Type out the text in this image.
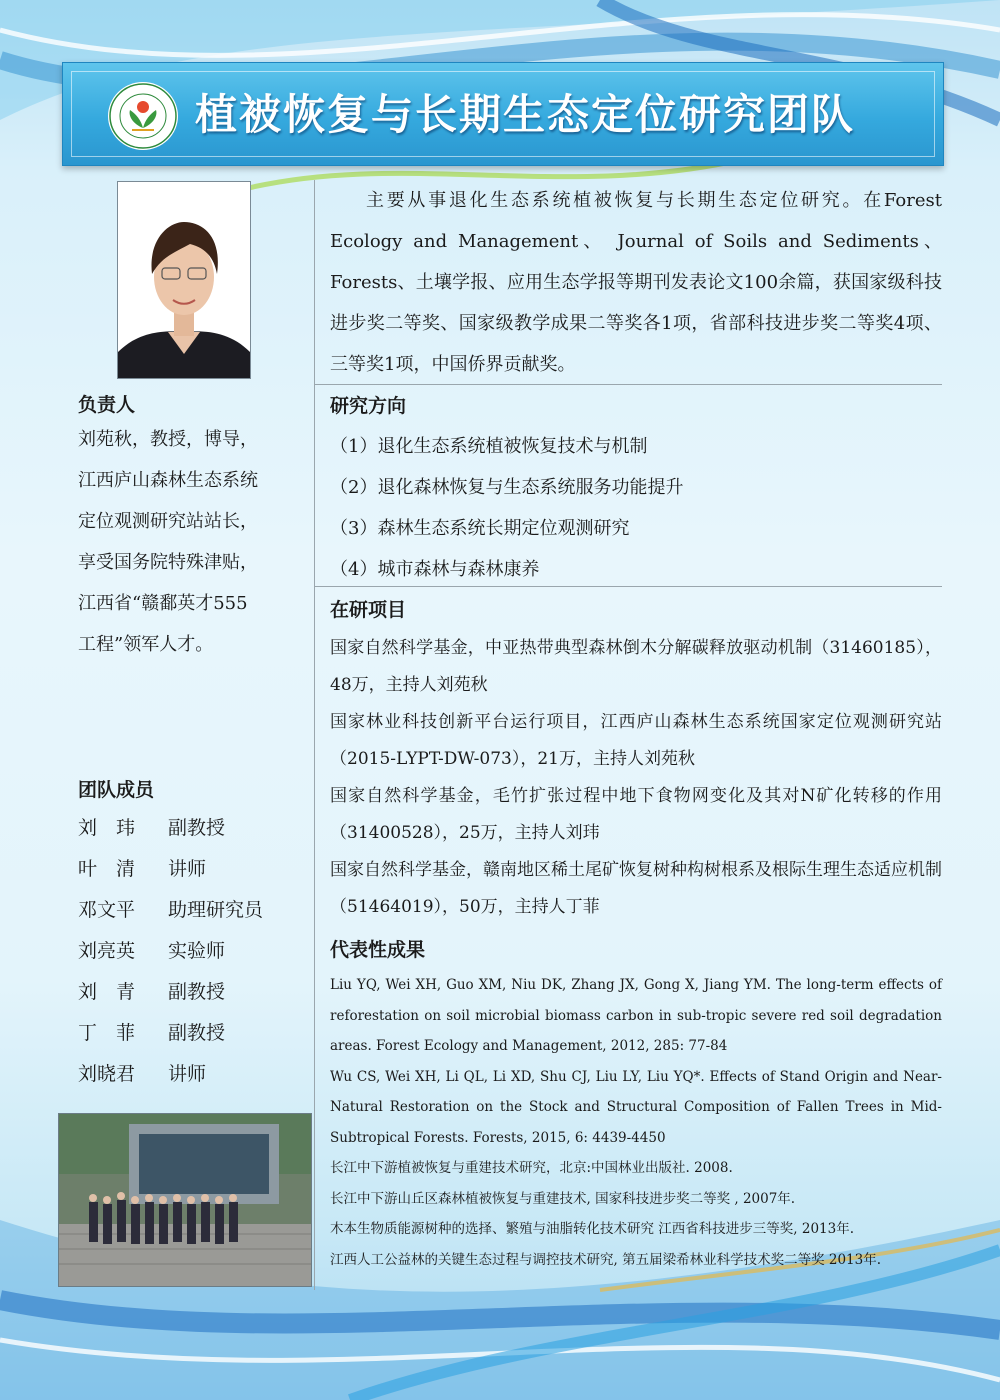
植被恢复与长期生态定位研究团队
负责人
刘苑秋，教授，博导，
江西庐山森林生态系统
定位观测研究站站长，
享受国务院特殊津贴，
江西省“赣鄱英才555
工程”领军人才。
团队成员
刘　玮 副教授
叶　清 讲师
邓文平 助理研究员
刘亮英 实验师
刘　青 副教授
丁　菲 副教授
刘晓君 讲师

主要从事退化生态系统植被恢复与长期生态定位研究。在Forest Ecology and Management、 Journal of Soils and Sediments、Forests、土壤学报、应用生态学报等期刊发表论文100余篇，获国家级科技进步奖二等奖、国家级教学成果二等奖各1项，省部科技进步奖二等奖4项、三等奖1项，中国侨界贡献奖。

研究方向
（1）退化生态系统植被恢复技术与机制
（2）退化森林恢复与生态系统服务功能提升
（3）森林生态系统长期定位观测研究
（4）城市森林与森林康养
在研项目
国家自然科学基金，中亚热带典型森林倒木分解碳释放驱动机制（31460185），48万，主持人刘苑秋
国家林业科技创新平台运行项目，江西庐山森林生态系统国家定位观测研究站（2015-LYPT-DW-073），21万，主持人刘苑秋
国家自然科学基金，毛竹扩张过程中地下食物网变化及其对N矿化转移的作用（31400528），25万，主持人刘玮
国家自然科学基金，赣南地区稀土尾矿恢复树种构树根系及根际生理生态适应机制（51464019），50万，主持人丁菲
代表性成果
Liu YQ, Wei XH, Guo XM, Niu DK, Zhang JX, Gong X, Jiang YM. The long-term effects of reforestation on soil microbial biomass carbon in sub-tropic severe red soil degradation areas. Forest Ecology and Management, 2012, 285: 77-84
Wu CS, Wei XH, Li QL, Li XD, Shu CJ, Liu LY, Liu YQ*. Effects of Stand Origin and Near-Natural Restoration on the Stock and Structural Composition of Fallen Trees in Mid-Subtropical Forests. Forests, 2015, 6: 4439-4450
长江中下游植被恢复与重建技术研究，北京:中国林业出版社. 2008.
长江中下游山丘区森林植被恢复与重建技术, 国家科技进步奖二等奖 , 2007年.
木本生物质能源树种的选择、繁殖与油脂转化技术研究 江西省科技进步三等奖, 2013年.
江西人工公益林的关键生态过程与调控技术研究, 第五届梁希林业科学技术奖二等奖 2013年.
